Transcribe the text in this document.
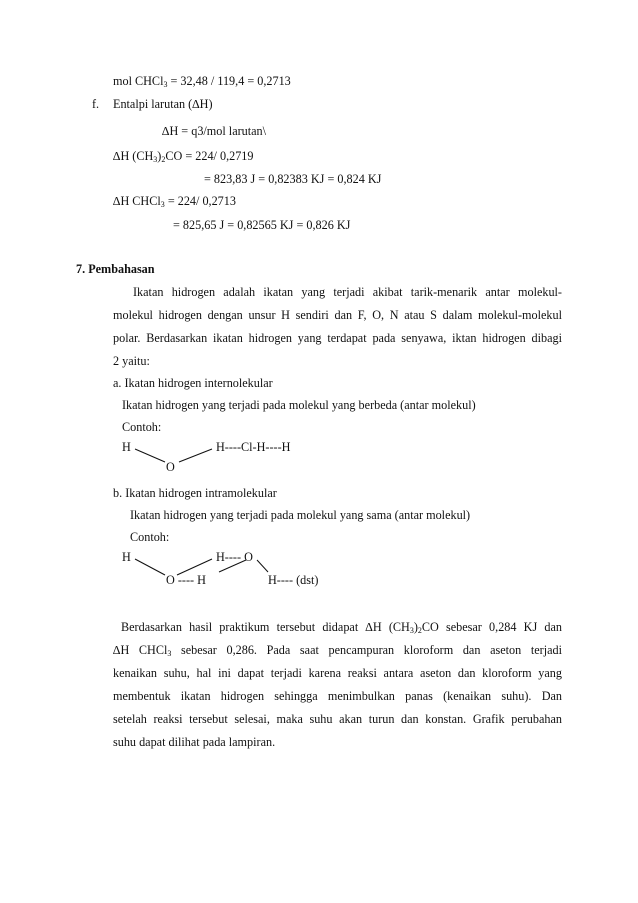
mol CHCl$_3$ = 32,48 / 119,4 = 0,2713
f. Entalpi larutan (∆H)
∆H = q3/mol larutan\
∆H $(CH_3)_2CO = 224/$ 0,2719
= 823,83 J = 0,82383 KJ = 0,824 KJ
∆H CHCl$_3$ = 224/ 0,2713
= 825,65 J = 0,82565 KJ = 0,826 KJ
7. Pembahasan
Ikatan hidrogen adalah ikatan yang terjadi akibat tarik-menarik antar molekul-
molekul hidrogen dengan unsur H sendiri dan F, O, N atau S dalam molekul-molekul
polar. Berdasarkan ikatan hidrogen yang terdapat pada senyawa, iktan hidrogen dibagi
2 yaitu:
a. Ikatan hidrogen internolekular
Ikatan hidrogen yang terjadi pada molekul yang berbeda (antar molekul)
Contoh:
H	H----Cl-H----H
O
b. Ikatan hidrogen intramolekular
Ikatan hidrogen yang terjadi pada molekul yang sama (antar molekul)
Contoh:
H	H---- O
O ---- H	H---- (dst)
Berdasarkan hasil praktikum tersebut didapat ∆H $(CH_3)_2CO$ sebesar 0,284 KJ dan
∆H CHCl$_3$ sebesar 0,286. Pada saat pencampuran kloroform dan aseton terjadi
kenaikan suhu, hal ini dapat terjadi karena reaksi antara aseton dan kloroform yang
membentuk ikatan hidrogen sehingga menimbulkan panas (kenaikan suhu). Dan
setelah reaksi tersebut selesai, maka suhu akan turun dan konstan. Grafik perubahan
suhu dapat dilihat pada lampiran.
